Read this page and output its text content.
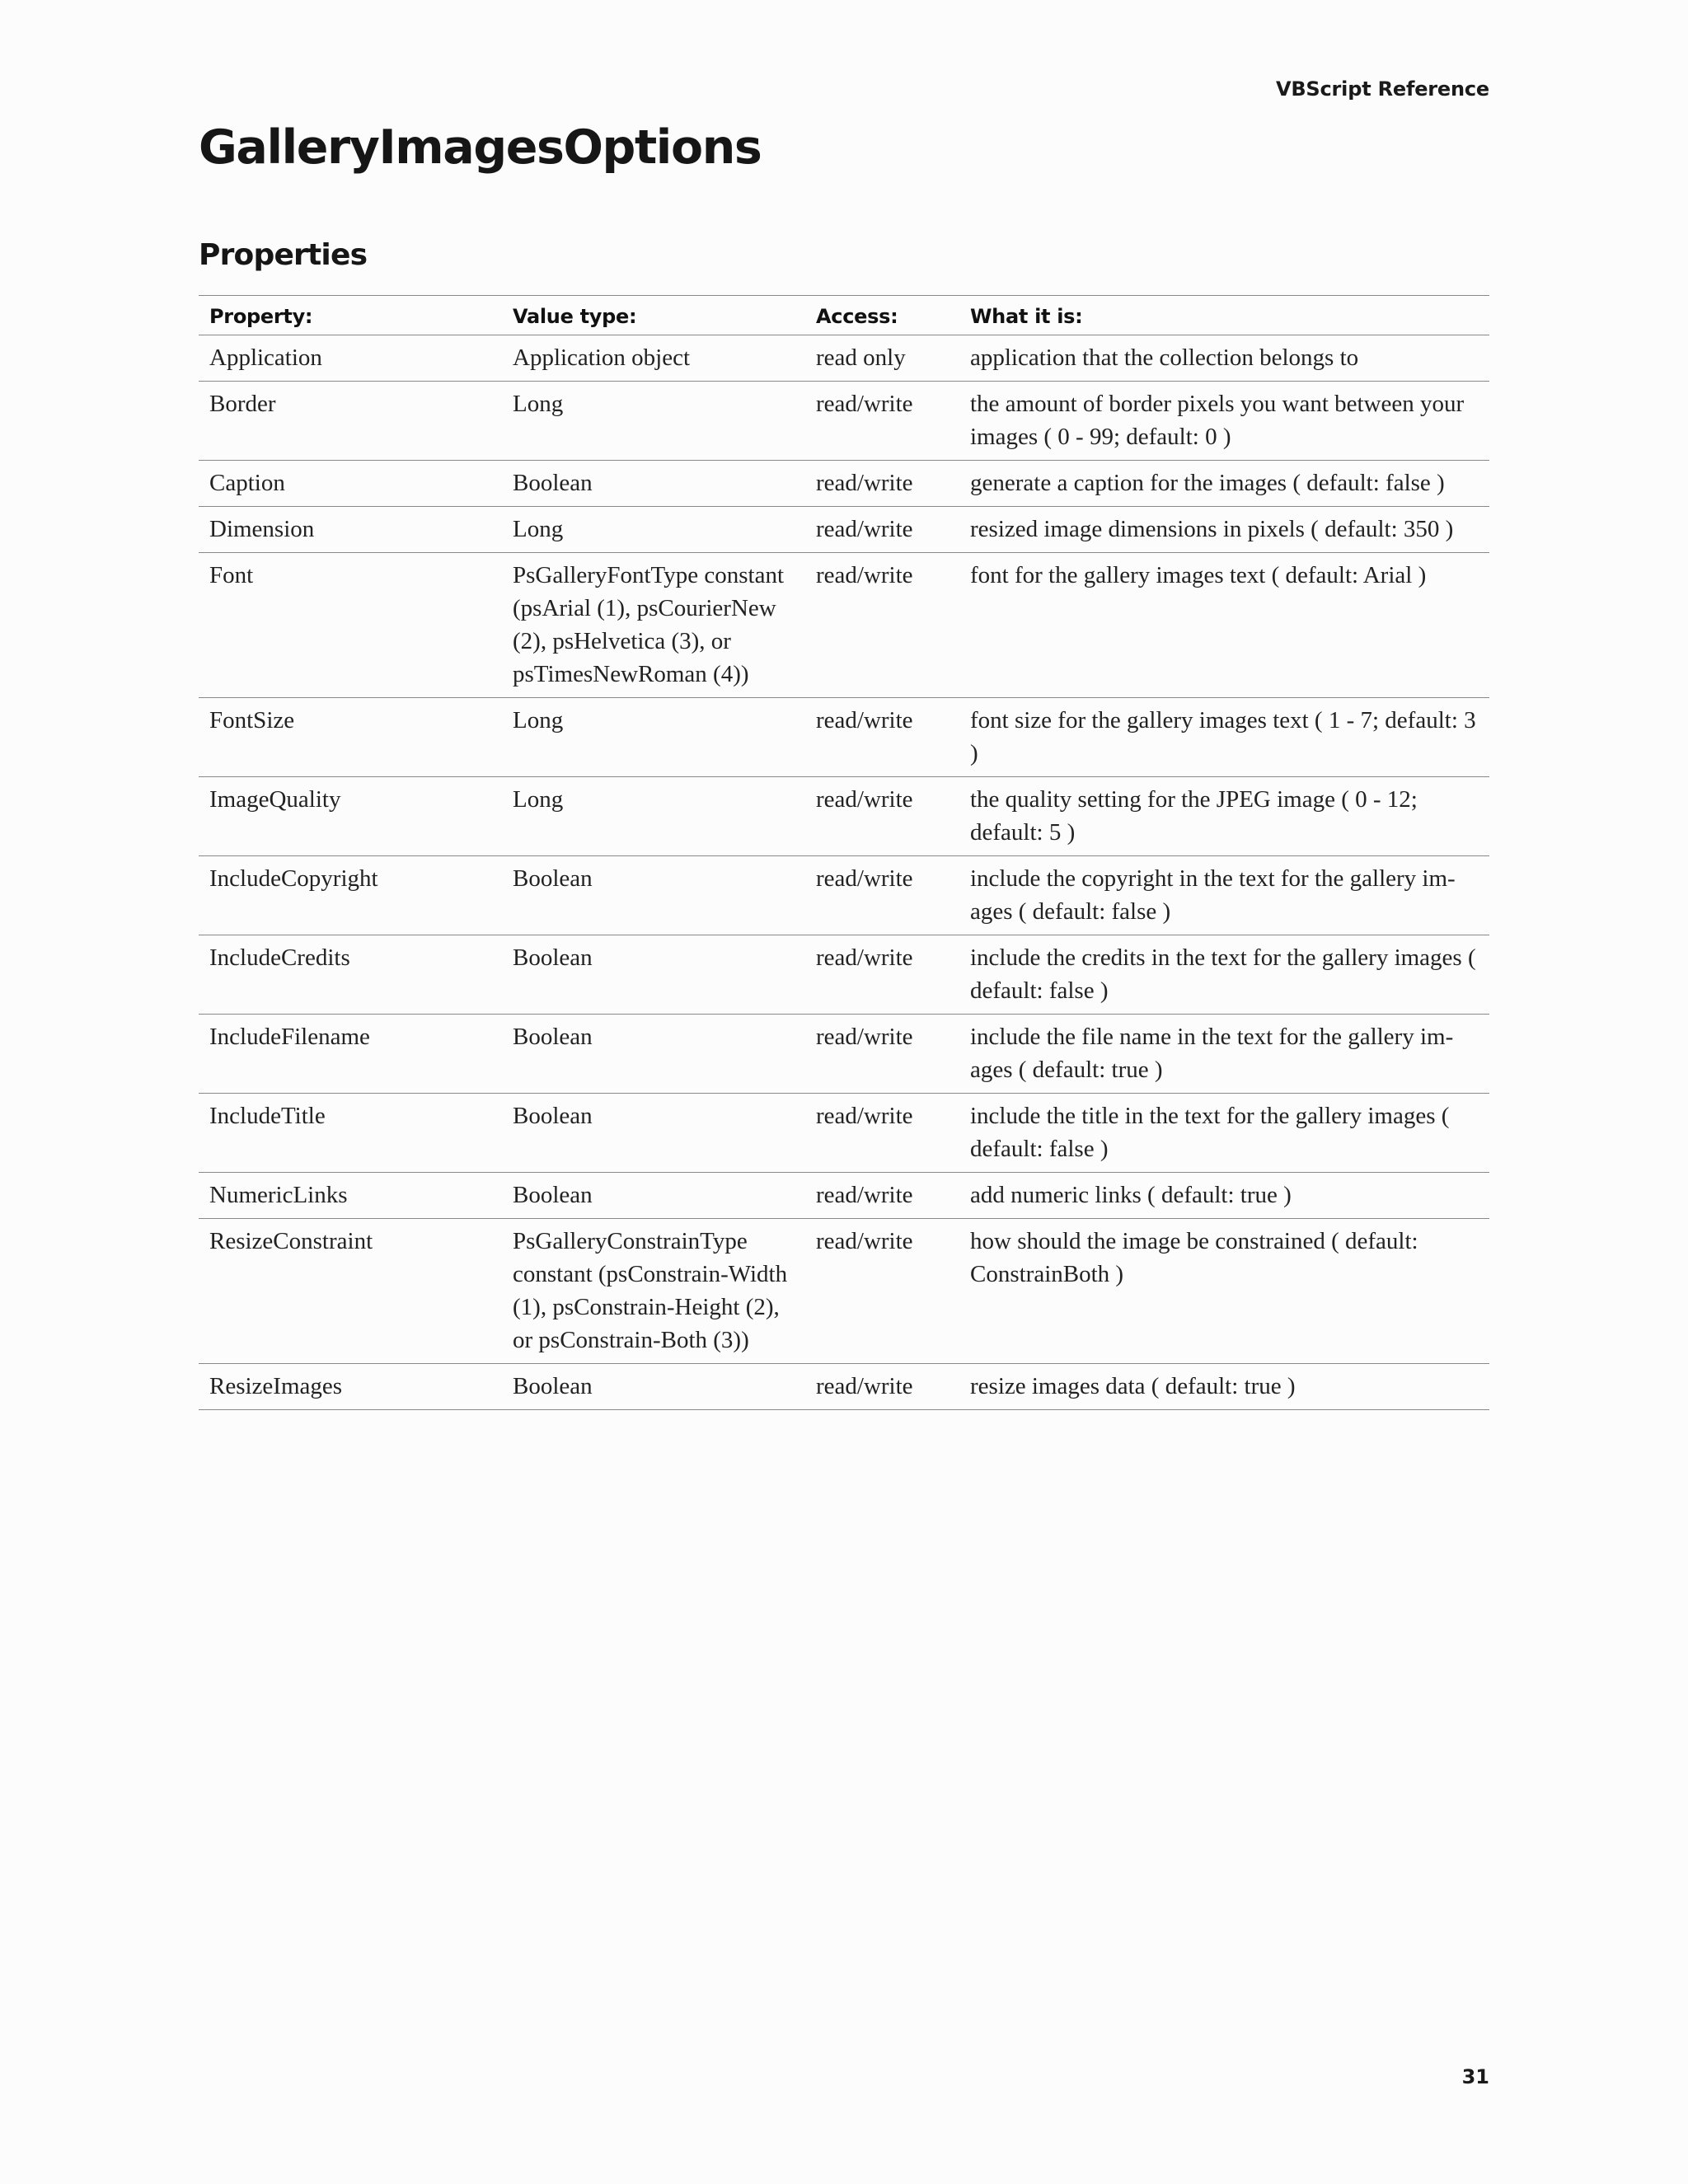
VBScript Reference
GalleryImagesOptions
Properties
Property:	Value type:	Access:	What it is:
Application	Application object	read only	application that the collection belongs to
Border	Long	read/write	the amount of border pixels you want between your images ( 0 - 99; default: 0 )
Caption	Boolean	read/write	generate a caption for the images ( default: false )
Dimension	Long	read/write	resized image dimensions in pixels ( default: 350 )
Font	PsGalleryFontType constant (psArial (1), psCourierNew (2), psHelvetica (3), or psTimesNewRoman (4))	read/write	font for the gallery images text ( default: Arial )
FontSize	Long	read/write	font size for the gallery images text ( 1 - 7; default: 3 )
ImageQuality	Long	read/write	the quality setting for the JPEG image ( 0 - 12; default: 5 )
IncludeCopyright	Boolean	read/write	include the copyright in the text for the gallery im-ages ( default: false )
IncludeCredits	Boolean	read/write	include the credits in the text for the gallery images ( default: false )
IncludeFilename	Boolean	read/write	include the file name in the text for the gallery im-ages ( default: true )
IncludeTitle	Boolean	read/write	include the title in the text for the gallery images ( default: false )
NumericLinks	Boolean	read/write	add numeric links ( default: true )
ResizeConstraint	PsGalleryConstrainType constant (psConstrain-Width (1), psConstrain-Height (2), or psConstrain-Both (3))	read/write	how should the image be constrained ( default: ConstrainBoth )
ResizeImages	Boolean	read/write	resize images data ( default: true )
31
